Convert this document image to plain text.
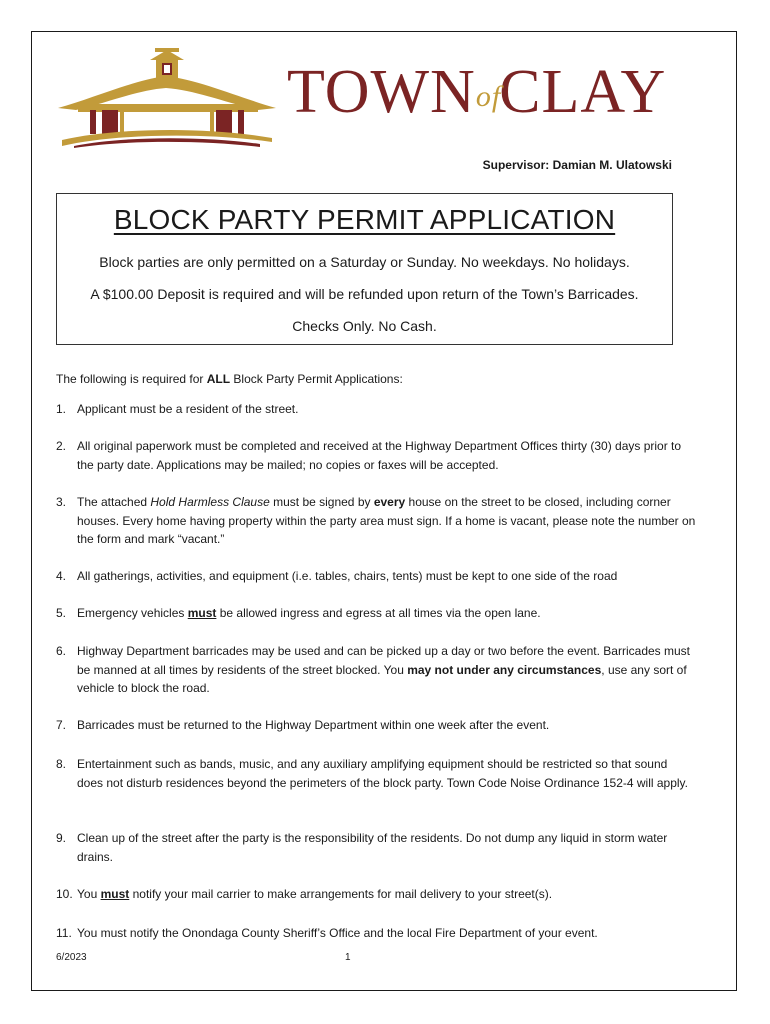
TOWNofCLAY
Supervisor: Damian M. Ulatowski
BLOCK PARTY PERMIT APPLICATION

Block parties are only permitted on a Saturday or Sunday. No weekdays. No holidays.

A $100.00 Deposit is required and will be refunded upon return of the Town’s Barricades.

Checks Only. No Cash.

The following is required for ALL Block Party Permit Applications:
1. Applicant must be a resident of the street.
2. All original paperwork must be completed and received at the Highway Department Offices thirty (30) days prior to the party date. Applications may be mailed; no copies or faxes will be accepted.
3. The attached Hold Harmless Clause must be signed by every house on the street to be closed, including corner houses. Every home having property within the party area must sign. If a home is vacant, please note the number on the form and mark “vacant.”
4. All gatherings, activities, and equipment (i.e. tables, chairs, tents) must be kept to one side of the road
5. Emergency vehicles must be allowed ingress and egress at all times via the open lane.
6. Highway Department barricades may be used and can be picked up a day or two before the event. Barricades must be manned at all times by residents of the street blocked. You may not under any circumstances, use any sort of vehicle to block the road.
7. Barricades must be returned to the Highway Department within one week after the event.
8. Entertainment such as bands, music, and any auxiliary amplifying equipment should be restricted so that sound does not disturb residences beyond the perimeters of the block party. Town Code Noise Ordinance 152-4 will apply.
9. Clean up of the street after the party is the responsibility of the residents. Do not dump any liquid in storm water drains.
10. You must notify your mail carrier to make arrangements for mail delivery to your street(s).
11. You must notify the Onondaga County Sheriff’s Office and the local Fire Department of your event.
6/2023	1
